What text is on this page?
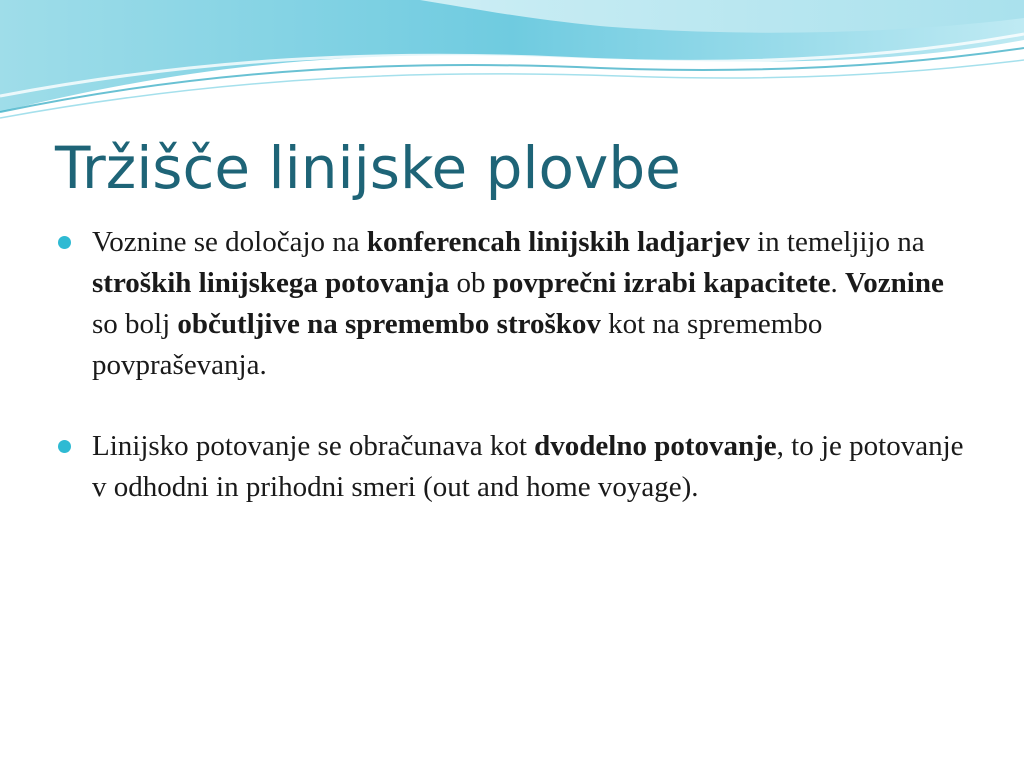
Tržišče linijske plovbe
Voznine se določajo na konferencah linijskih ladjarjev in temeljijo na stroških linijskega potovanja ob povprečni izrabi kapacitete. Voznine so bolj občutljive na spremembo stroškov kot na spremembo povpraševanja.
Linijsko potovanje se obračunava kot dvodelno potovanje, to je potovanje v odhodni in prihodni smeri (out and home voyage).
